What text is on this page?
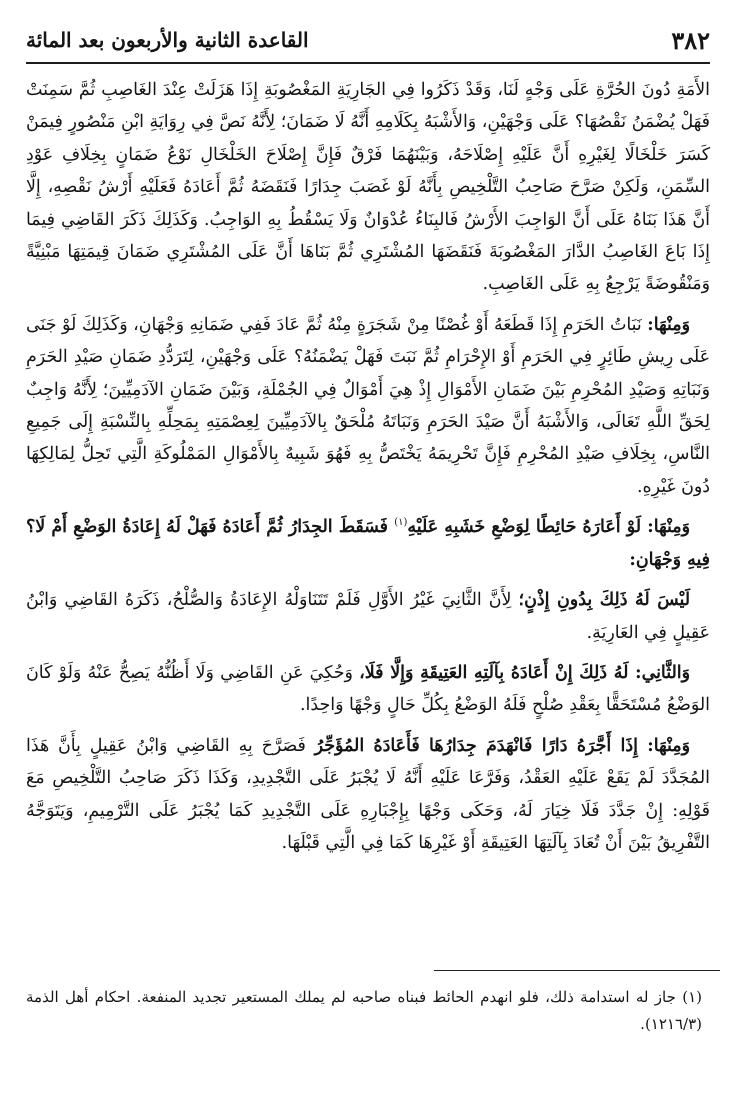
٣٨٢
القاعدة الثانية والأربعون بعد المائة

الأَمَةِ دُونَ الحُرَّةِ عَلَى وَجْهٍ لَنَا، وَقَدْ ذَكَرُوا فِي الجَارِيَةِ المَغْصُوبَةِ إِذَا هَزَلَتْ عِنْدَ الغَاصِبِ ثُمَّ سَمِنَتْ فَهَلْ يُضْمَنُ نَقْصُهَا؟ عَلَى وَجْهَيْنِ، وَالأَشْبَهُ بِكَلَامِهِ أَنَّهُ لَا ضَمَانَ؛ لِأَنَّهُ نَصَّ فِي رِوَايَةِ ابْنِ مَنْصُورٍ فِيمَنْ كَسَرَ خَلْخَالًا لِغَيْرِهِ أَنَّ عَلَيْهِ إِصْلَاحَهُ، وَبَيْنَهُمَا فَرْقٌ فَإِنَّ إِصْلَاحَ الخَلْخَالِ نَوْعُ ضَمَانٍ بِخِلَافِ عَوْدِ السِّمَنِ، وَلَكِنْ صَرَّحَ صَاحِبُ التَّلْخِيصِ بِأَنَّهُ لَوْ غَصَبَ جِدَارًا فَنَقَضَهُ ثُمَّ أَعَادَهُ فَعَلَيْهِ أَرْشُ نَقْصِهِ، إِلَّا أَنَّ هَذَا بَنَاهُ عَلَى أَنَّ الوَاجِبَ الأَرْشُ فَالبِنَاءُ عُدْوَانٌ وَلَا يَسْقُطُ بِهِ الوَاجِبُ. وَكَذَلِكَ ذَكَرَ القَاضِي فِيمَا إِذَا بَاعَ الغَاصِبُ الدَّارَ المَغْصُوبَةَ فَنَقَضَهَا المُشْتَرِي ثُمَّ بَنَاهَا أَنَّ عَلَى المُشْتَرِي ضَمَانَ قِيمَتِهَا مَبْنِيَّةً وَمَنْقُوضَةً يَرْجِعُ بِهِ عَلَى الغَاصِبِ.

وَمِنْهَا: نَبَاتُ الحَرَمِ إِذَا قَطَعَهُ أَوْ غُصْنًا مِنْ شَجَرَةٍ مِنْهُ ثُمَّ عَادَ فَفِي ضَمَانِهِ وَجْهَانِ، وَكَذَلِكَ لَوْ جَنَى عَلَى رِيشِ طَائِرٍ فِي الحَرَمِ أَوْ الإِحْرَامِ ثُمَّ نَبَتَ فَهَلْ يَضْمَنُهُ؟ عَلَى وَجْهَيْنِ، لِتَرَدُّدِ ضَمَانِ صَيْدِ الحَرَمِ وَنَبَاتِهِ وَصَيْدِ المُحْرِمِ بَيْنَ ضَمَانِ الأَمْوَالِ إِذْ هِيَ أَمْوَالٌ فِي الجُمْلَةِ، وَبَيْنَ ضَمَانِ الآدَمِيِّينَ؛ لِأَنَّهُ وَاجِبٌ لِحَقِّ اللَّهِ تَعَالَى، وَالأَشْبَهُ أَنَّ صَيْدَ الحَرَمِ وَنَبَاتَهُ مُلْحَقٌ بِالآدَمِيِّينَ لِعِصْمَتِهِ بِمَحِلِّهِ بِالنِّسْبَةِ إِلَى جَمِيعِ النَّاسِ، بِخِلَافِ صَيْدِ المُحْرِمِ فَإِنَّ تَحْرِيمَهُ يَخْتَصُّ بِهِ فَهُوَ شَبِيهٌ بِالأَمْوَالِ المَمْلُوكَةِ الَّتِي تَحِلُّ لِمَالِكِهَا دُونَ غَيْرِهِ.

وَمِنْهَا: لَوْ أَعَارَهُ حَائِطًا لِوَضْعِ خَشَبِهِ عَلَيْهِ$^{(١)}$ فَسَقَطَ الجِدَارُ ثُمَّ أَعَادَهُ فَهَلْ لَهُ إِعَادَةُ الوَضْعِ أَمْ لَا؟ فِيهِ وَجْهَانِ:

لَيْسَ لَهُ ذَلِكَ بِدُونِ إِذْنٍ؛ لِأَنَّ الثَّانِيَ غَيْرُ الأَوَّلِ فَلَمْ تَتَنَاوَلْهُ الإِعَادَةُ وَالصُّلْحُ، ذَكَرَهُ القَاضِي وَابْنُ عَقِيلٍ فِي العَارِيَةِ.

وَالثَّانِي: لَهُ ذَلِكَ إِنْ أَعَادَهُ بِآلَتِهِ العَتِيقَةِ وَإِلَّا فَلَا، وَحُكِيَ عَنِ القَاضِي وَلَا أَظُنُّهُ يَصِحُّ عَنْهُ وَلَوْ كَانَ الوَضْعُ مُسْتَحَقًّا بِعَقْدِ صُلْحٍ فَلَهُ الوَضْعُ بِكُلِّ حَالٍ وَجْهًا وَاحِدًا.

وَمِنْهَا: إِذَا أَجَّرَهُ دَارًا فَانْهَدَمَ جِدَارُهَا فَأَعَادَهُ المُؤَجِّرُ فَصَرَّحَ بِهِ القَاضِي وَابْنُ عَقِيلٍ بِأَنَّ هَذَا المُجَدَّدَ لَمْ يَقَعْ عَلَيْهِ العَقْدُ، وَفَرَّعَا عَلَيْهِ أَنَّهُ لَا يُجْبَرُ عَلَى التَّجْدِيدِ، وَكَذَا ذَكَرَ صَاحِبُ التَّلْخِيصِ مَعَ قَوْلِهِ: إِنْ جَدَّدَ فَلَا خِيَارَ لَهُ، وَحَكَى وَجْهًا بِإِجْبَارِهِ عَلَى التَّجْدِيدِ كَمَا يُجْبَرُ عَلَى التَّرْمِيمِ، وَيَتَوَجَّهُ التَّفْرِيقُ بَيْنَ أَنْ تُعَادَ بِآلَتِهَا العَتِيقَةِ أَوْ غَيْرِهَا كَمَا فِي الَّتِي قَبْلَهَا.

(١) جاز له استدامة ذلك، فلو انهدم الحائط فبناه صاحبه لم يملك المستعير تجديد المنفعة. احكام أهل الذمة (١٢١٦/٣).
